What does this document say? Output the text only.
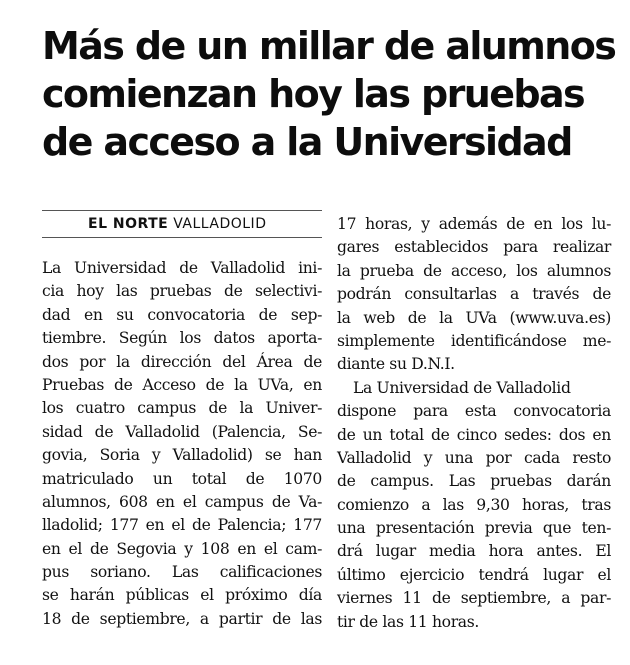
Más de un millar de alumnos
comienzan hoy las pruebas
de acceso a la Universidad
EL NORTE VALLADOLID
La Universidad de Valladolid ini-
cia hoy las pruebas de selectivi-
dad en su convocatoria de sep-
tiembre. Según los datos aporta-
dos por la dirección del Área de
Pruebas de Acceso de la UVa, en
los cuatro campus de la Univer-
sidad de Valladolid (Palencia, Se-
govia, Soria y Valladolid) se han
matriculado un total de 1070
alumnos, 608 en el campus de Va-
lladolid; 177 en el de Palencia; 177
en el de Segovia y 108 en el cam-
pus soriano. Las calificaciones
se harán públicas el próximo día
18 de septiembre, a partir de las
17 horas, y además de en los lu-
gares establecidos para realizar
la prueba de acceso, los alumnos
podrán consultarlas a través de
la web de la UVa (www.uva.es)
simplemente identificándose me-
diante su D.N.I.
La Universidad de Valladolid
dispone para esta convocatoria
de un total de cinco sedes: dos en
Valladolid y una por cada resto
de campus. Las pruebas darán
comienzo a las 9,30 horas, tras
una presentación previa que ten-
drá lugar media hora antes. El
último ejercicio tendrá lugar el
viernes 11 de septiembre, a par-
tir de las 11 horas.
